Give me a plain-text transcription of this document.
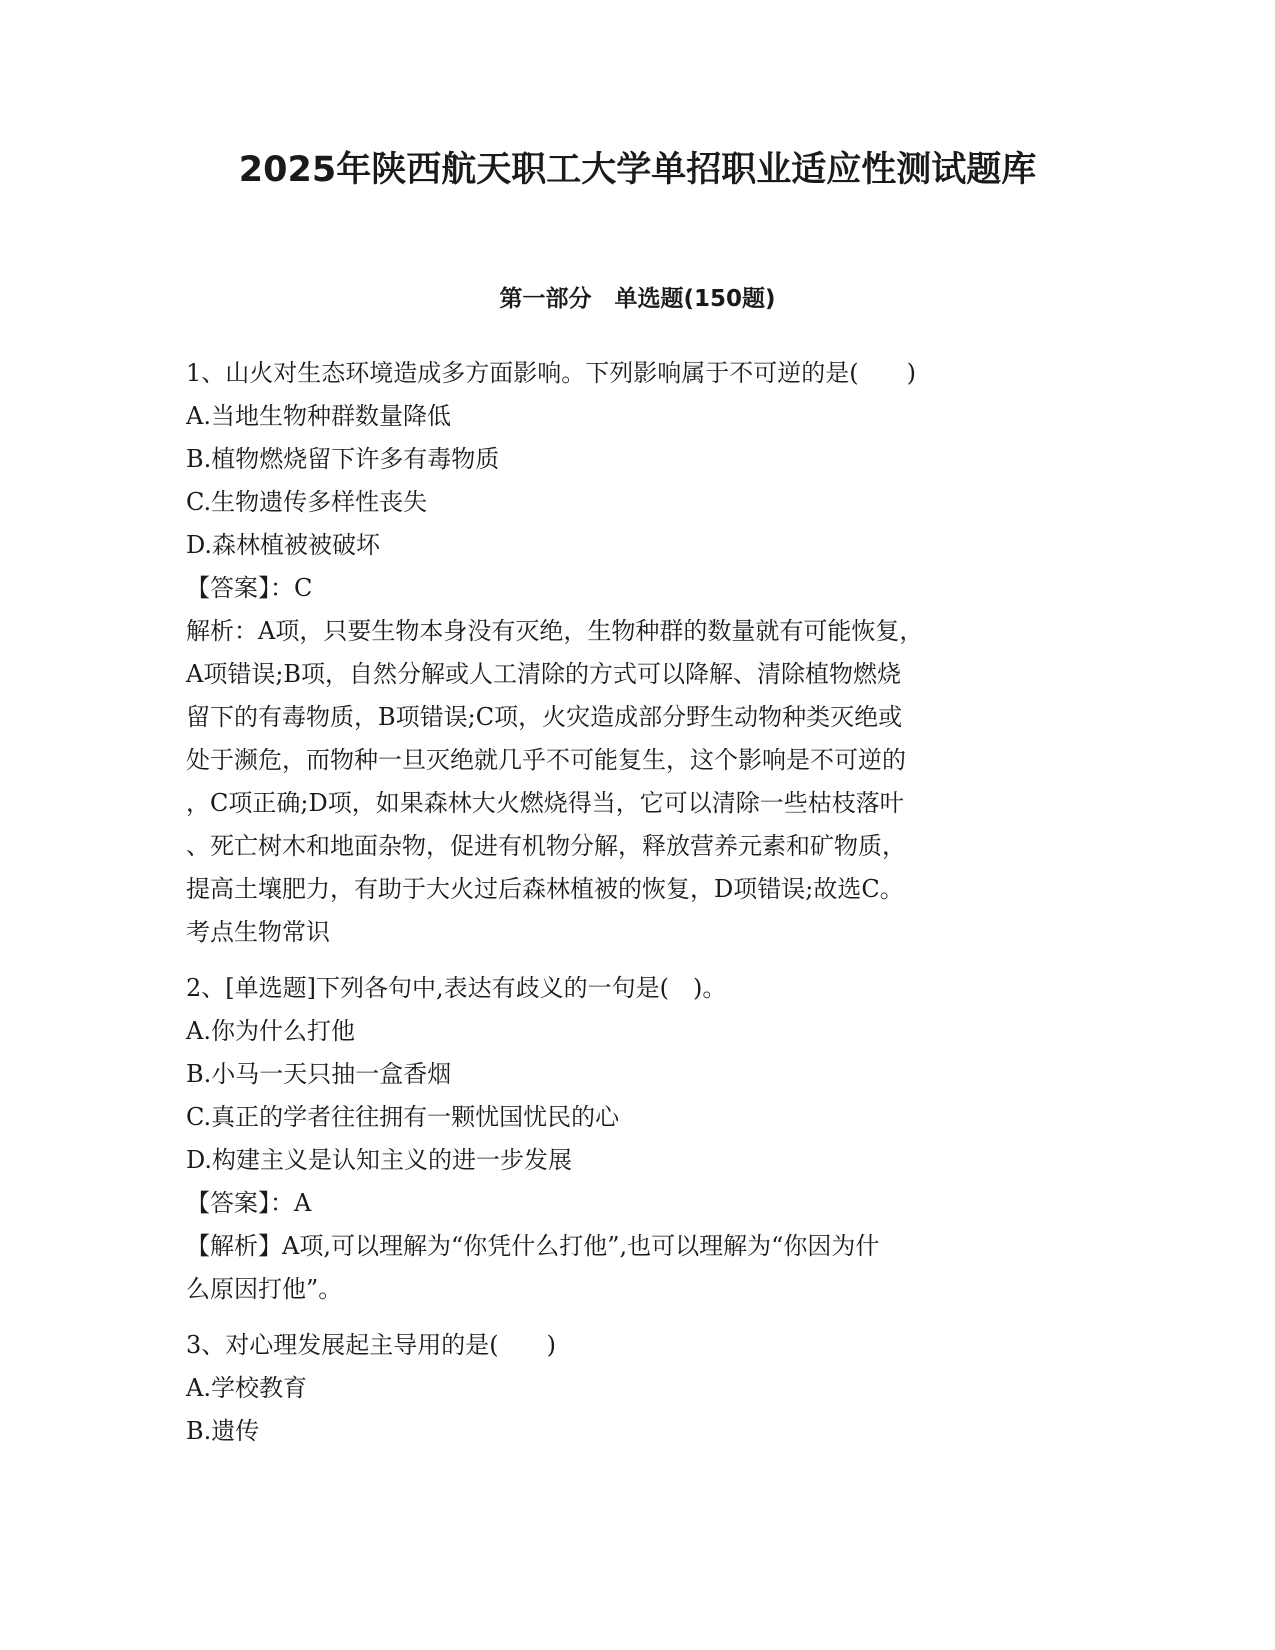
2025年陕西航天职工大学单招职业适应性测试题库
第一部分　单选题(150题)
1、山火对生态环境造成多方面影响。下列影响属于不可逆的是(　　)
A.当地生物种群数量降低
B.植物燃烧留下许多有毒物质
C.生物遗传多样性丧失
D.森林植被被破坏
【答案】：C
解析：A项，只要生物本身没有灭绝，生物种群的数量就有可能恢复，
A项错误;B项，自然分解或人工清除的方式可以降解、清除植物燃烧
留下的有毒物质，B项错误;C项，火灾造成部分野生动物种类灭绝或
处于濒危，而物种一旦灭绝就几乎不可能复生，这个影响是不可逆的
，C项正确;D项，如果森林大火燃烧得当，它可以清除一些枯枝落叶
、死亡树木和地面杂物，促进有机物分解，释放营养元素和矿物质，
提高土壤肥力，有助于大火过后森林植被的恢复，D项错误;故选C。
考点生物常识
2、[单选题]下列各句中,表达有歧义的一句是(　)。
A.你为什么打他
B.小马一天只抽一盒香烟
C.真正的学者往往拥有一颗忧国忧民的心
D.构建主义是认知主义的进一步发展
【答案】：A
【解析】A项,可以理解为“你凭什么打他”,也可以理解为“你因为什
么原因打他”。
3、对心理发展起主导用的是(　　)
A.学校教育
B.遗传
